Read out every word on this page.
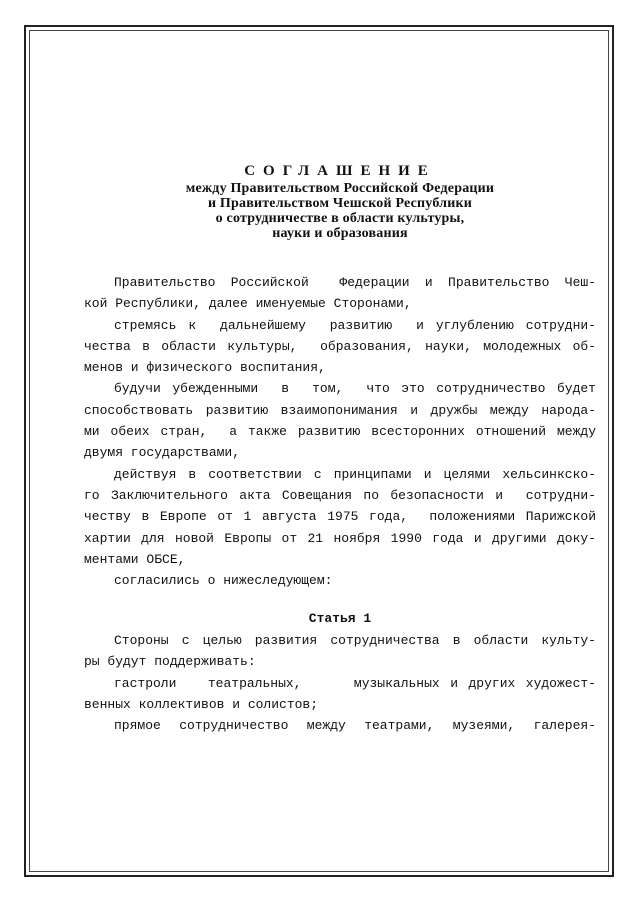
СОГЛАШЕНИЕ
между Правительством Российской Федерации
и Правительством Чешской Республики
о сотрудничестве в области культуры,
науки и образования
Правительство Российской  Федерации и Правительство Чеш-
кой Республики, далее именуемые Сторонами,
стремясь к  дальнейшему  развитию  и углублению сотрудни-
чества в области культуры,  образования, науки, молодежных об-
менов и физического воспитания,
будучи убежденными  в  том,  что это сотрудничество будет
способствовать развитию взаимопонимания и дружбы между народа-
ми обеих стран,  а также развитию всесторонних отношений между
двумя государствами,
действуя в соответствии с принципами и целями хельсинкско-
го Заключительного акта Совещания по безопасности и  сотрудни-
честву в Европе от 1 августа 1975 года,  положениями Парижской
хартии для новой Европы от 21 ноября 1990 года и другими доку-
ментами ОБСЕ,
согласились о нижеследующем:
Статья 1
Стороны с целью развития сотрудничества в области культу-
ры будут поддерживать:
гастроли   театральных,     музыкальных и других художест-
венных коллективов и солистов;
прямое сотрудничество между театрами, музеями, галерея-
